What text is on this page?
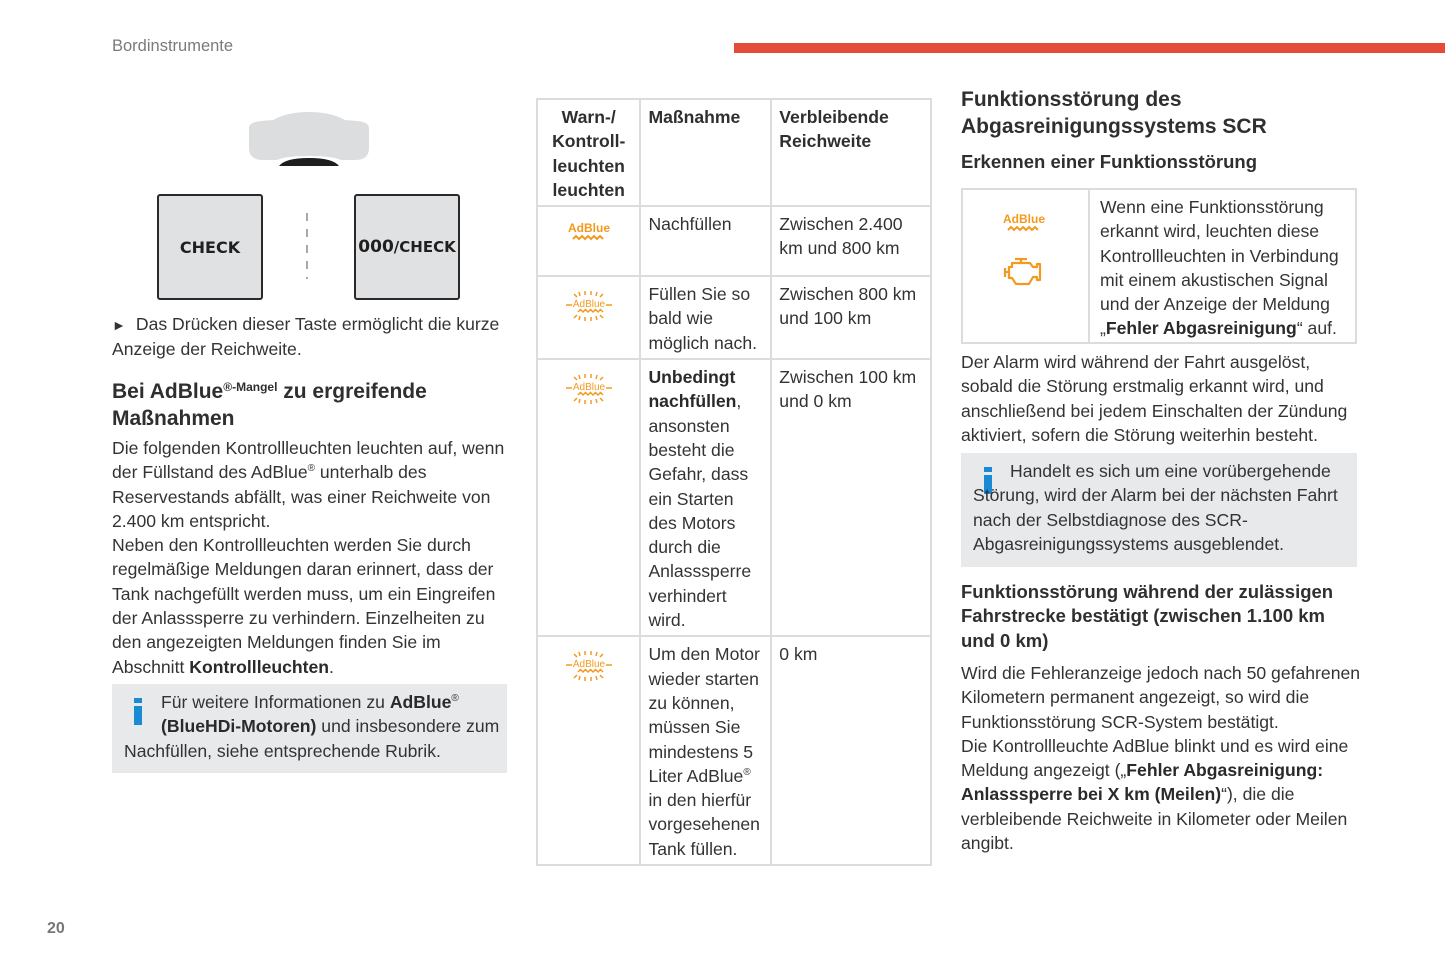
Bordinstrumente
20
CHECK	000 /CHECK
► Das Drücken dieser Taste ermöglicht die kurze Anzeige der Reichweite.
Bei AdBlue$^{®-Mangel}$ zu ergreifende Maßnahmen
Die folgenden Kontrollleuchten leuchten auf, wenn der Füllstand des AdBlue® unterhalb des Reservestands abfällt, was einer Reichweite von 2.400 km entspricht.
Neben den Kontrollleuchten werden Sie durch regelmäßige Meldungen daran erinnert, dass der Tank nachgefüllt werden muss, um ein Eingreifen der Anlasssperre zu verhindern. Einzelheiten zu den angezeigten Meldungen finden Sie im Abschnitt Kontrollleuchten.
Für weitere Informationen zu AdBlue®
(BlueHDi-Motoren) und insbesondere zum Nachfüllen, siehe entsprechende Rubrik.
Warn-/ Kontroll-leuchten leuchten	Maßnahme	Verbleibende Reichweite

AdBlue	Nachfüllen	Zwischen 2.400 km und 800 km

AdBlue	Füllen Sie so bald wie möglich nach.	Zwischen 800 km und 100 km

AdBlue	Unbedingt nachfüllen, ansonsten besteht die Gefahr, dass ein Starten des Motors durch die Anlasssperre verhindert wird.	Zwischen 100 km und 0 km

AdBlue	Um den Motor wieder starten zu können, müssen Sie mindestens 5 Liter AdBlue® in den hierfür vorgesehenen Tank füllen.	0 km
Funktionsstörung des Abgasreinigungssystems SCR
Erkennen einer Funktionsstörung
AdBlue
Wenn eine Funktionsstörung erkannt wird, leuchten diese Kontrollleuchten in Verbindung mit einem akustischen Signal und der Anzeige der Meldung „Fehler Abgasreinigung“ auf.
Der Alarm wird während der Fahrt ausgelöst, sobald die Störung erstmalig erkannt wird, und anschließend bei jedem Einschalten der Zündung aktiviert, sofern die Störung weiterhin besteht.
Handelt es sich um eine vorübergehende Störung, wird der Alarm bei der nächsten Fahrt nach der Selbstdiagnose des SCR-Abgasreinigungssystems ausgeblendet.
Funktionsstörung während der zulässigen Fahrstrecke bestätigt (zwischen 1.100 km und 0 km)
Wird die Fehleranzeige jedoch nach 50 gefahrenen Kilometern permanent angezeigt, so wird die Funktionsstörung SCR-System bestätigt.
Die Kontrollleuchte AdBlue blinkt und es wird eine Meldung angezeigt („Fehler Abgasreinigung: Anlasssperre bei X km (Meilen)“), die die verbleibende Reichweite in Kilometer oder Meilen angibt.
